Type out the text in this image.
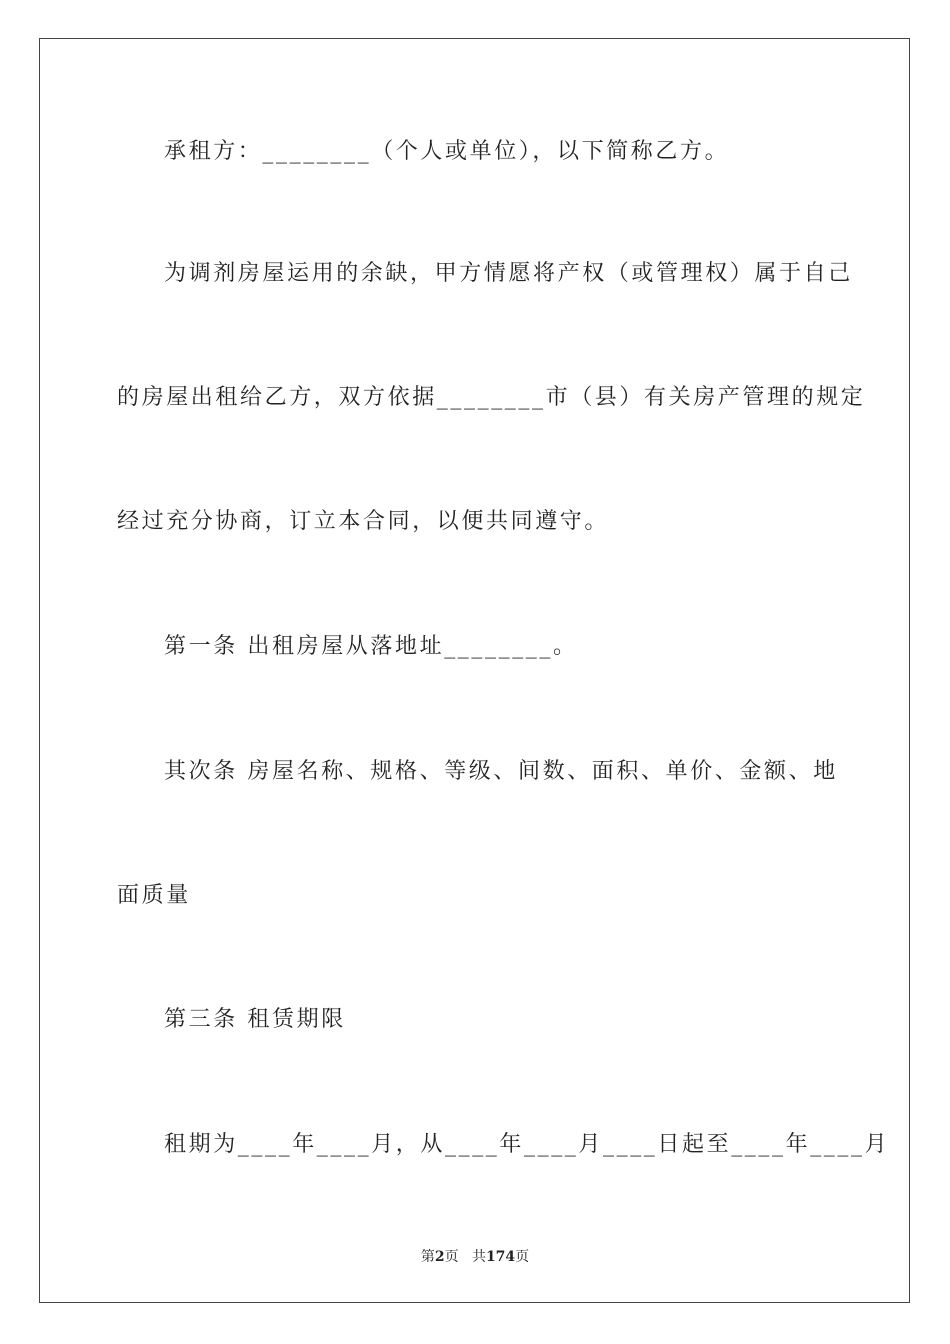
承租方：________（个人或单位），以下简称乙方。
为调剂房屋运用的余缺，甲方情愿将产权（或管理权）属于自己
的房屋出租给乙方，双方依据________市（县）有关房产管理的规定
经过充分协商，订立本合同，以便共同遵守。
第一条 出租房屋从落地址________。
其次条 房屋名称、规格、等级、间数、面积、单价、金额、地
面质量
第三条 租赁期限
租期为____年____月，从____年____月____日起至____年____月
第2页 共174页
